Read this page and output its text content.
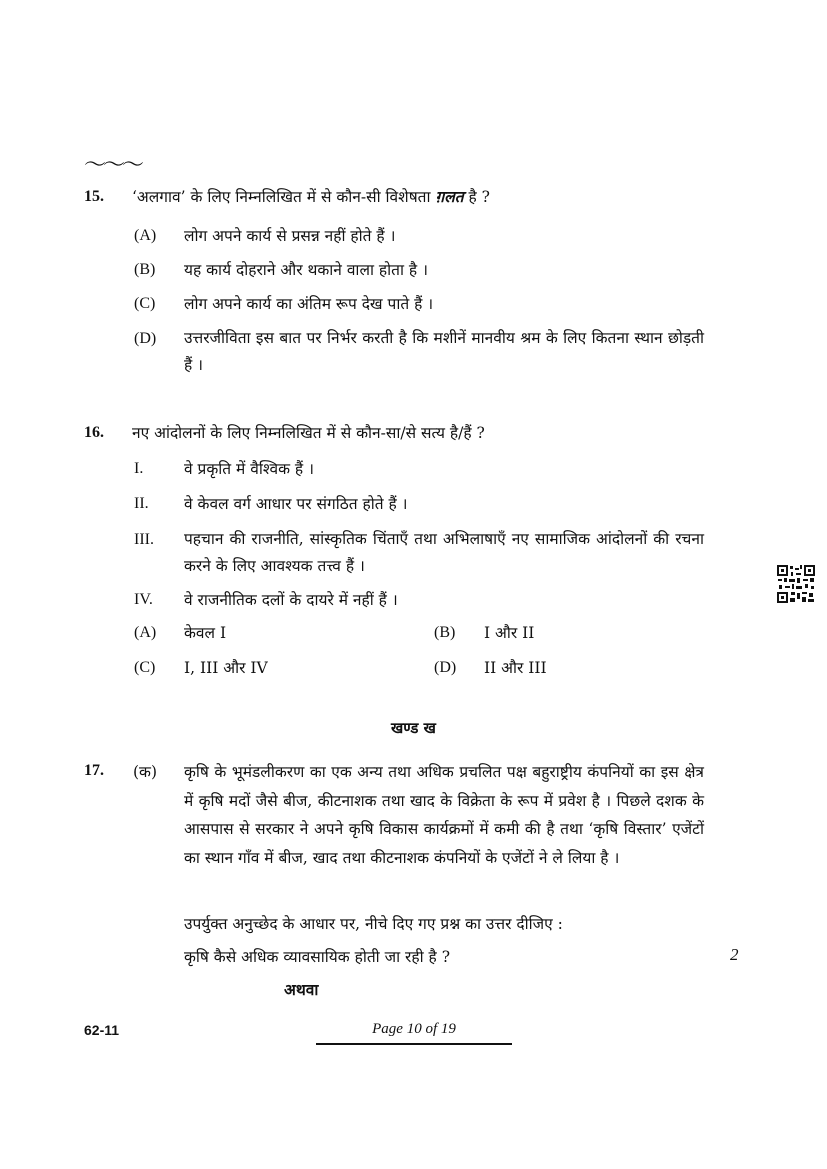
〜〜〜
15. ‘अलगाव’ के लिए निम्नलिखित में से कौन-सी विशेषता ग़लत है ?
(A) लोग अपने कार्य से प्रसन्न नहीं होते हैं ।
(B) यह कार्य दोहराने और थकाने वाला होता है ।
(C) लोग अपने कार्य का अंतिम रूप देख पाते हैं ।
(D) उत्तरजीविता इस बात पर निर्भर करती है कि मशीनें मानवीय श्रम के लिए कितना स्थान छोड़ती हैं ।
16. नए आंदोलनों के लिए निम्नलिखित में से कौन-सा/से सत्य है/हैं ?
I.	वे प्रकृति में वैश्विक हैं ।
II. वे केवल वर्ग आधार पर संगठित होते हैं ।
III. पहचान की राजनीति, सांस्कृतिक चिंताएँ तथा अभिलाषाएँ नए सामाजिक आंदोलनों की रचना करने के लिए आवश्यक तत्त्व हैं ।
IV. वे राजनीतिक दलों के दायरे में नहीं हैं ।
(A) केवल I	(B) I और II
(C) I, III और IV	(D) II और III
खण्ड ख
17. (क) कृषि के भूमंडलीकरण का एक अन्य तथा अधिक प्रचलित पक्ष बहुराष्ट्रीय कंपनियों का इस क्षेत्र में कृषि मदों जैसे बीज, कीटनाशक तथा खाद के विक्रेता के रूप में प्रवेश है । पिछले दशक के आसपास से सरकार ने अपने कृषि विकास कार्यक्रमों में कमी की है तथा ‘कृषि विस्तार’ एजेंटों का स्थान गाँव में बीज, खाद तथा कीटनाशक कंपनियों के एजेंटों ने ले लिया है ।
उपर्युक्त अनुच्छेद के आधार पर, नीचे दिए गए प्रश्न का उत्तर दीजिए :
कृषि कैसे अधिक व्यावसायिक होती जा रही है ?	2
अथवा
62-11	Page 10 of 19
